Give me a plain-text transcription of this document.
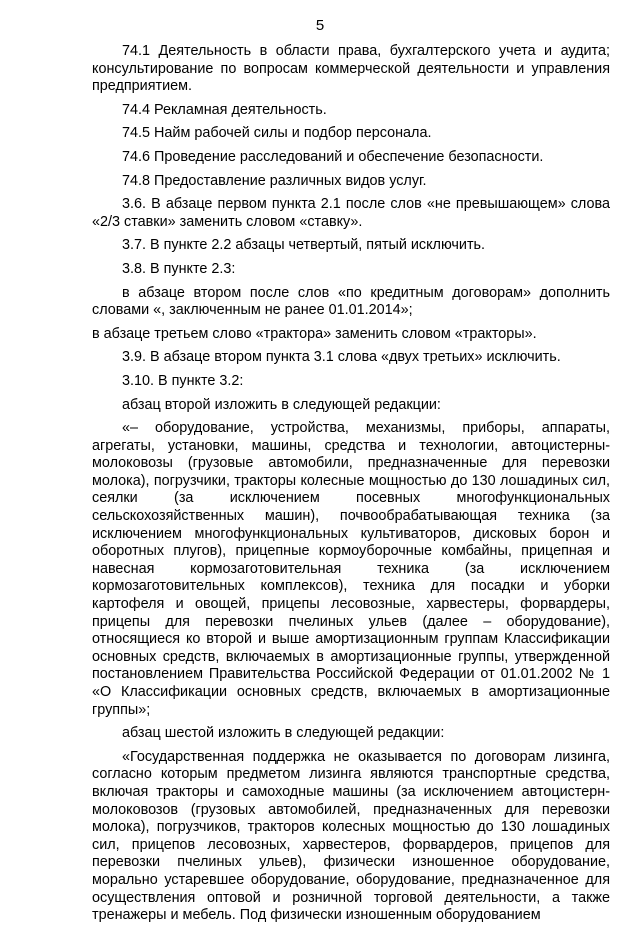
5

74.1 Деятельность в области права, бухгалтерского учета и аудита; консультирование по вопросам коммерческой деятельности и управления предприятием.

74.4 Рекламная деятельность.

74.5 Найм рабочей силы и подбор персонала.

74.6 Проведение расследований и обеспечение безопасности.

74.8 Предоставление различных видов услуг.

3.6. В абзаце первом пункта 2.1 после слов «не превышающем» слова «2/3 ставки» заменить словом «ставку».

3.7. В пункте 2.2 абзацы четвертый, пятый исключить.

3.8. В пункте 2.3:

в абзаце втором после слов «по кредитным договорам» дополнить словами «, заключенным не ранее 01.01.2014»;

в абзаце третьем слово «трактора» заменить словом «тракторы».

3.9. В абзаце втором пункта 3.1 слова «двух третьих» исключить.

3.10. В пункте 3.2:

абзац второй изложить в следующей редакции:

«– оборудование, устройства, механизмы, приборы, аппараты, агрегаты, установки, машины, средства и технологии, автоцистерны-молоковозы (грузовые автомобили, предназначенные для перевозки молока), погрузчики, тракторы колесные мощностью до 130 лошадиных сил, сеялки (за исключением посевных многофункциональных сельскохозяйственных машин), почвообрабатывающая техника (за исключением многофункциональных культиваторов, дисковых борон и оборотных плугов), прицепные кормоуборочные комбайны, прицепная и навесная кормозаготовительная техника (за исключением кормозаготовительных комплексов), техника для посадки и уборки картофеля и овощей, прицепы лесовозные, харвестеры, форвардеры, прицепы для перевозки пчелиных ульев (далее – оборудование), относящиеся ко второй и выше амортизационным группам Классификации основных средств, включаемых в амортизационные группы, утвержденной постановлением Правительства Российской Федерации от 01.01.2002 № 1 «О Классификации основных средств, включаемых в амортизационные группы»;

абзац шестой изложить в следующей редакции:

«Государственная поддержка не оказывается по договорам лизинга, согласно которым предметом лизинга являются транспортные средства, включая тракторы и самоходные машины (за исключением автоцистерн-молоковозов (грузовых автомобилей, предназначенных для перевозки молока), погрузчиков, тракторов колесных мощностью до 130 лошадиных сил, прицепов лесовозных, харвестеров, форвардеров, прицепов для перевозки пчелиных ульев), физически изношенное оборудование, морально устаревшее оборудование, оборудование, предназначенное для осуществления оптовой и розничной торговой деятельности, а также тренажеры и мебель. Под физически изношенным оборудованием
